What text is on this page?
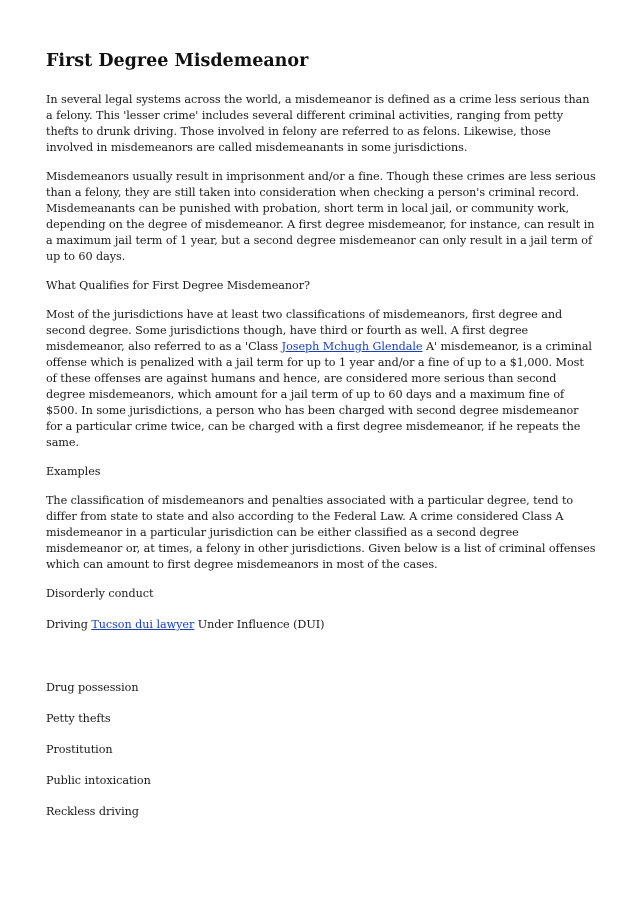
First Degree Misdemeanor

In several legal systems across the world, a misdemeanor is defined as a crime less serious than a felony. This 'lesser crime' includes several different criminal activities, ranging from petty thefts to drunk driving. Those involved in felony are referred to as felons. Likewise, those involved in misdemeanors are called misdemeanants in some jurisdictions.

Misdemeanors usually result in imprisonment and/or a fine. Though these crimes are less serious than a felony, they are still taken into consideration when checking a person's criminal record. Misdemeanants can be punished with probation, short term in local jail, or community work, depending on the degree of misdemeanor. A first degree misdemeanor, for instance, can result in a maximum jail term of 1 year, but a second degree misdemeanor can only result in a jail term of up to 60 days.

What Qualifies for First Degree Misdemeanor?

Most of the jurisdictions have at least two classifications of misdemeanors, first degree and second degree. Some jurisdictions though, have third or fourth as well. A first degree misdemeanor, also referred to as a 'Class Joseph Mchugh Glendale A' misdemeanor, is a criminal offense which is penalized with a jail term for up to 1 year and/or a fine of up to a $1,000. Most of these offenses are against humans and hence, are considered more serious than second degree misdemeanors, which amount for a jail term of up to 60 days and a maximum fine of $500. In some jurisdictions, a person who has been charged with second degree misdemeanor for a particular crime twice, can be charged with a first degree misdemeanor, if he repeats the same.

Examples

The classification of misdemeanors and penalties associated with a particular degree, tend to differ from state to state and also according to the Federal Law. A crime considered Class A misdemeanor in a particular jurisdiction can be either classified as a second degree misdemeanor or, at times, a felony in other jurisdictions. Given below is a list of criminal offenses which can amount to first degree misdemeanors in most of the cases.

Disorderly conduct

Driving Tucson dui lawyer Under Influence (DUI)

Drug possession

Petty thefts

Prostitution

Public intoxication

Reckless driving
